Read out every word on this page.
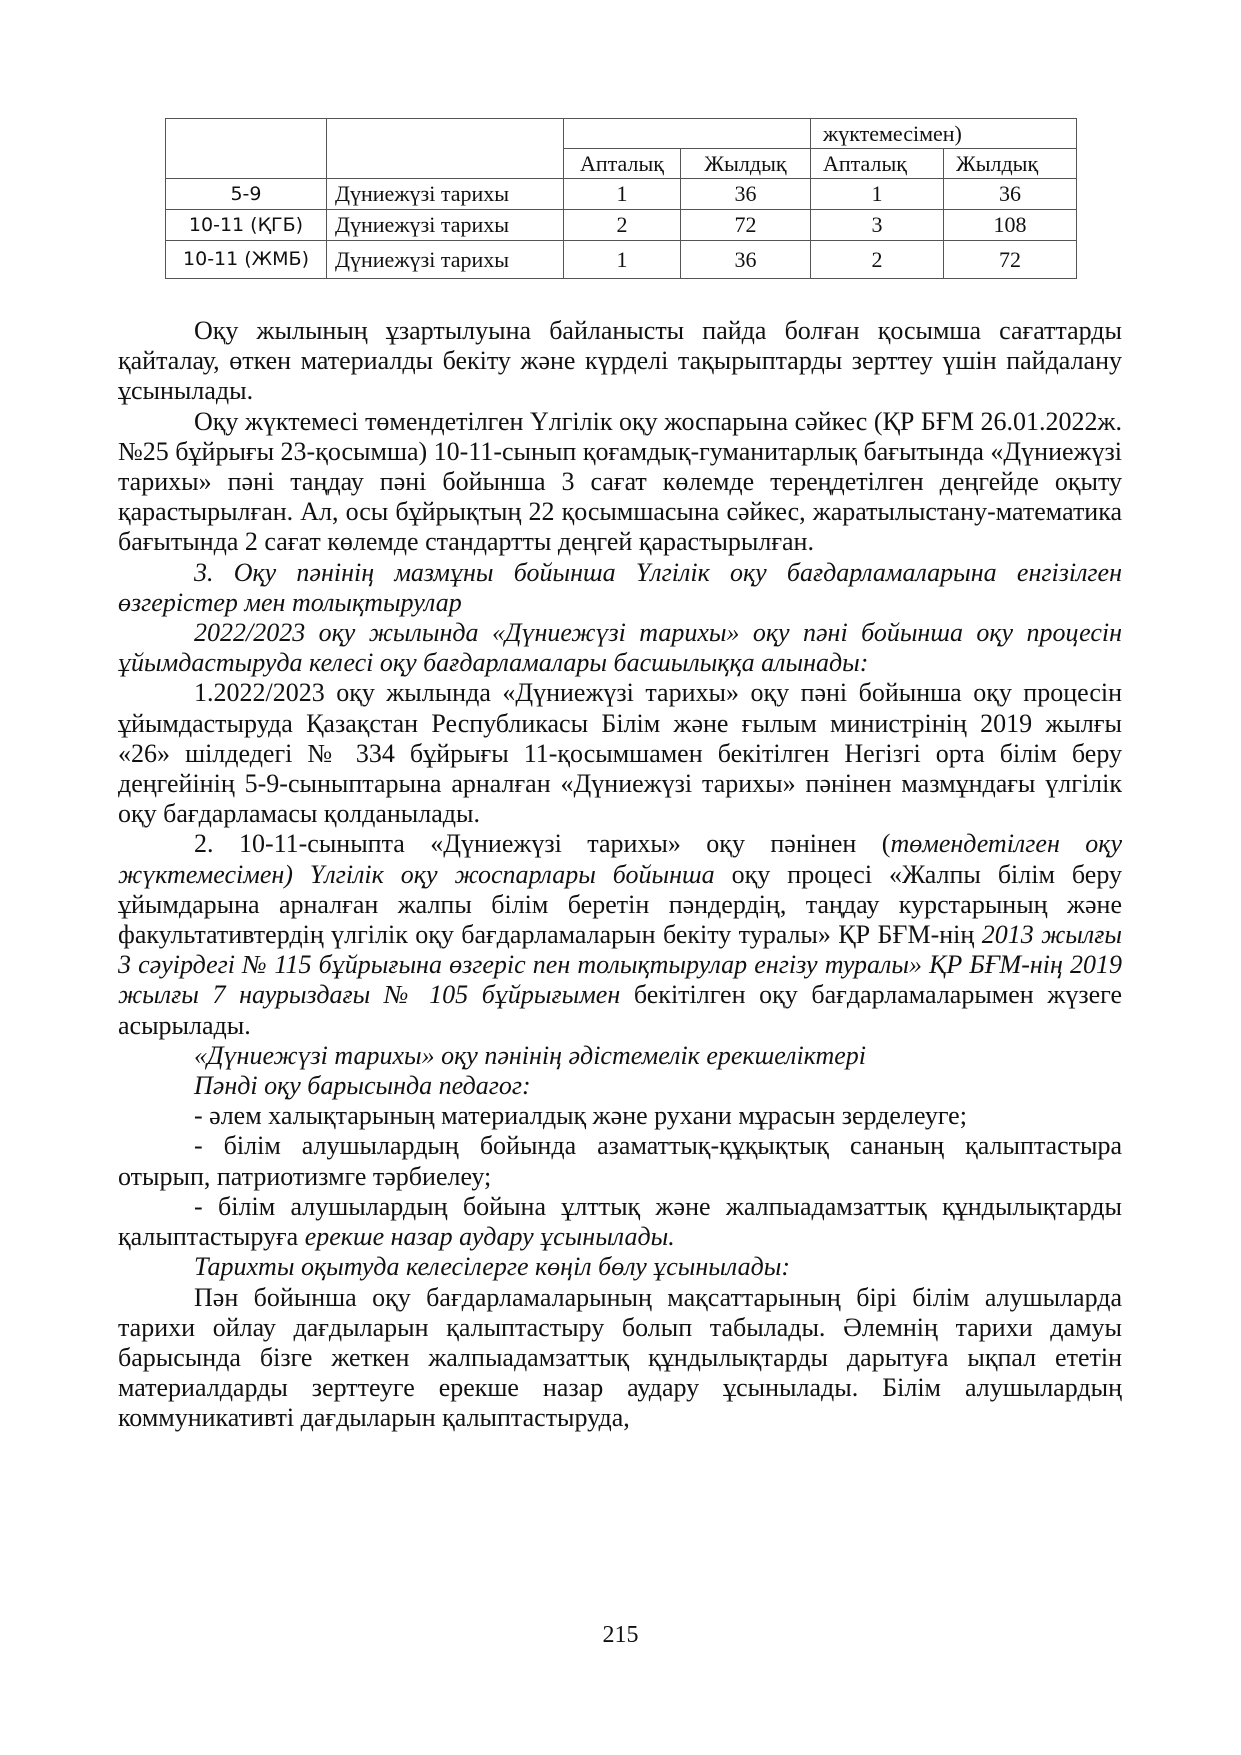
				жүктемесімен)	
		Апталық	Жылдық	Апталық	Жылдық
5-9	Дүниежүзі тарихы	1	36	1	36
10-11 (ҚГБ)	Дүниежүзі тарихы	2	72	3	108
10-11 (ЖМБ)	Дүниежүзі тарихы	1	36	2	72

Оқу жылының ұзартылуына байланысты пайда болған қосымша сағаттарды қайталау, өткен материалды бекіту және күрделі тақырыптарды зерттеу үшін пайдалану ұсынылады.

Оқу жүктемесі төмендетілген Үлгілік оқу жоспарына сәйкес (ҚР БҒМ 26.01.2022ж. №25 бұйрығы 23-қосымша) 10-11-сынып қоғамдық-гуманитарлық бағытында «Дүниежүзі тарихы» пәні таңдау пәні бойынша 3 сағат көлемде тереңдетілген деңгейде оқыту қарастырылған. Ал, осы бұйрықтың 22 қосымшасына сәйкес, жаратылыстану-математика бағытында 2 сағат көлемде стандартты деңгей қарастырылған.

3. Оқу пәнінің мазмұны бойынша Үлгілік оқу бағдарламаларына енгізілген өзгерістер мен толықтырулар

2022/2023 оқу жылында «Дүниежүзі тарихы» оқу пәні бойынша оқу процесін ұйымдастыруда келесі оқу бағдарламалары басшылыққа алынады:

1.2022/2023 оқу жылында «Дүниежүзі тарихы» оқу пәні бойынша оқу процесін ұйымдастыруда Қазақстан Республикасы Білім және ғылым министрінің 2019 жылғы «26» шілдедегі № 334 бұйрығы 11-қосымшамен бекітілген Негізгі орта білім беру деңгейінің 5-9-сыныптарына арналған «Дүниежүзі тарихы» пәнінен мазмұндағы үлгілік оқу бағдарламасы қолданылады.

2. 10-11-сыныпта «Дүниежүзі тарихы» оқу пәнінен (төмендетілген оқу жүктемесімен) Үлгілік оқу жоспарлары бойынша оқу процесі «Жалпы білім беру ұйымдарына арналған жалпы білім беретін пәндердің, таңдау курстарының және факультативтердің үлгілік оқу бағдарламаларын бекіту туралы» ҚР БҒМ-нің 2013 жылғы 3 сәуірдегі № 115 бұйрығына өзгеріс пен толықтырулар енгізу туралы» ҚР БҒМ-нің 2019 жылғы 7 наурыздағы № 105 бұйрығымен бекітілген оқу бағдарламаларымен жүзеге асырылады.

«Дүниежүзі тарихы» оқу пәнінің әдістемелік ерекшеліктері

Пәнді оқу барысында педагог:

- әлем халықтарының материалдық және рухани мұрасын зерделеуге;

- білім алушылардың бойында азаматтық-құқықтық сананың қалыптастыра отырып, патриотизмге тәрбиелеу;

- білім алушылардың бойына ұлттық және жалпыадамзаттық құндылықтарды қалыптастыруға ерекше назар аудару ұсынылады.

Тарихты оқытуда келесілерге көңіл бөлу ұсынылады:

Пән бойынша оқу бағдарламаларының мақсаттарының бірі білім алушыларда тарихи ойлау дағдыларын қалыптастыру болып табылады. Әлемнің тарихи дамуы барысында бізге жеткен жалпыадамзаттық құндылықтарды дарытуға ықпал ететін материалдарды зерттеуге ерекше назар аудару ұсынылады. Білім алушылардың коммуникативті дағдыларын қалыптастыруда,

215
